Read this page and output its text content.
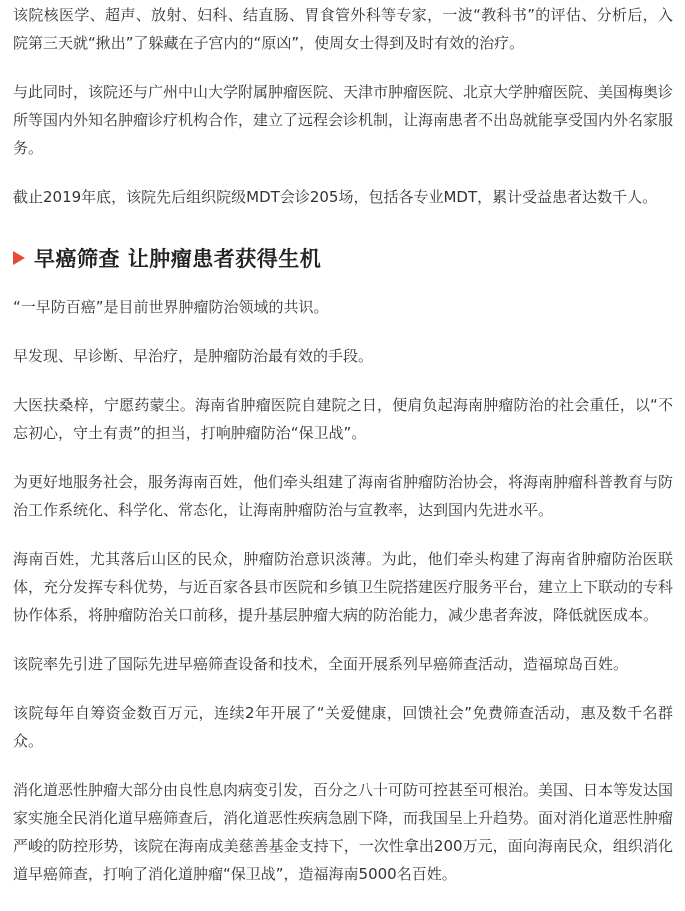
该院核医学、超声、放射、妇科、结直肠、胃食管外科等专家，一波“教科书”的评估、分析后，入院第三天就“揪出”了躲藏在子宫内的“原凶”，使周女士得到及时有效的治疗。

与此同时，该院还与广州中山大学附属肿瘤医院、天津市肿瘤医院、北京大学肿瘤医院、美国梅奥诊所等国内外知名肿瘤诊疗机构合作，建立了远程会诊机制，让海南患者不出岛就能享受国内外名家服务。

截止2019年底，该院先后组织院级MDT会诊205场，包括各专业MDT，累计受益患者达数千人。

早癌筛查 让肿瘤患者获得生机

“一早防百癌”是目前世界肿瘤防治领域的共识。

早发现、早诊断、早治疗，是肿瘤防治最有效的手段。

大医扶桑梓，宁愿药蒙尘。海南省肿瘤医院自建院之日，便肩负起海南肿瘤防治的社会重任，以“不忘初心，守土有责”的担当，打响肿瘤防治“保卫战”。

为更好地服务社会，服务海南百姓，他们牵头组建了海南省肿瘤防治协会，将海南肿瘤科普教育与防治工作系统化、科学化、常态化，让海南肿瘤防治与宣教率，达到国内先进水平。

海南百姓，尤其落后山区的民众，肿瘤防治意识淡薄。为此，他们牵头构建了海南省肿瘤防治医联体，充分发挥专科优势，与近百家各县市医院和乡镇卫生院搭建医疗服务平台，建立上下联动的专科协作体系，将肿瘤防治关口前移，提升基层肿瘤大病的防治能力，减少患者奔波，降低就医成本。

该院率先引进了国际先进早癌筛查设备和技术，全面开展系列早癌筛查活动，造福琼岛百姓。

该院每年自筹资金数百万元，连续2年开展了“关爱健康，回馈社会”免费筛查活动，惠及数千名群众。

消化道恶性肿瘤大部分由良性息肉病变引发，百分之八十可防可控甚至可根治。美国、日本等发达国家实施全民消化道早癌筛查后，消化道恶性疾病急剧下降，而我国呈上升趋势。面对消化道恶性肿瘤严峻的防控形势，该院在海南成美慈善基金支持下，一次性拿出200万元，面向海南民众，组织消化道早癌筛查，打响了消化道肿瘤“保卫战”，造福海南5000名百姓。
